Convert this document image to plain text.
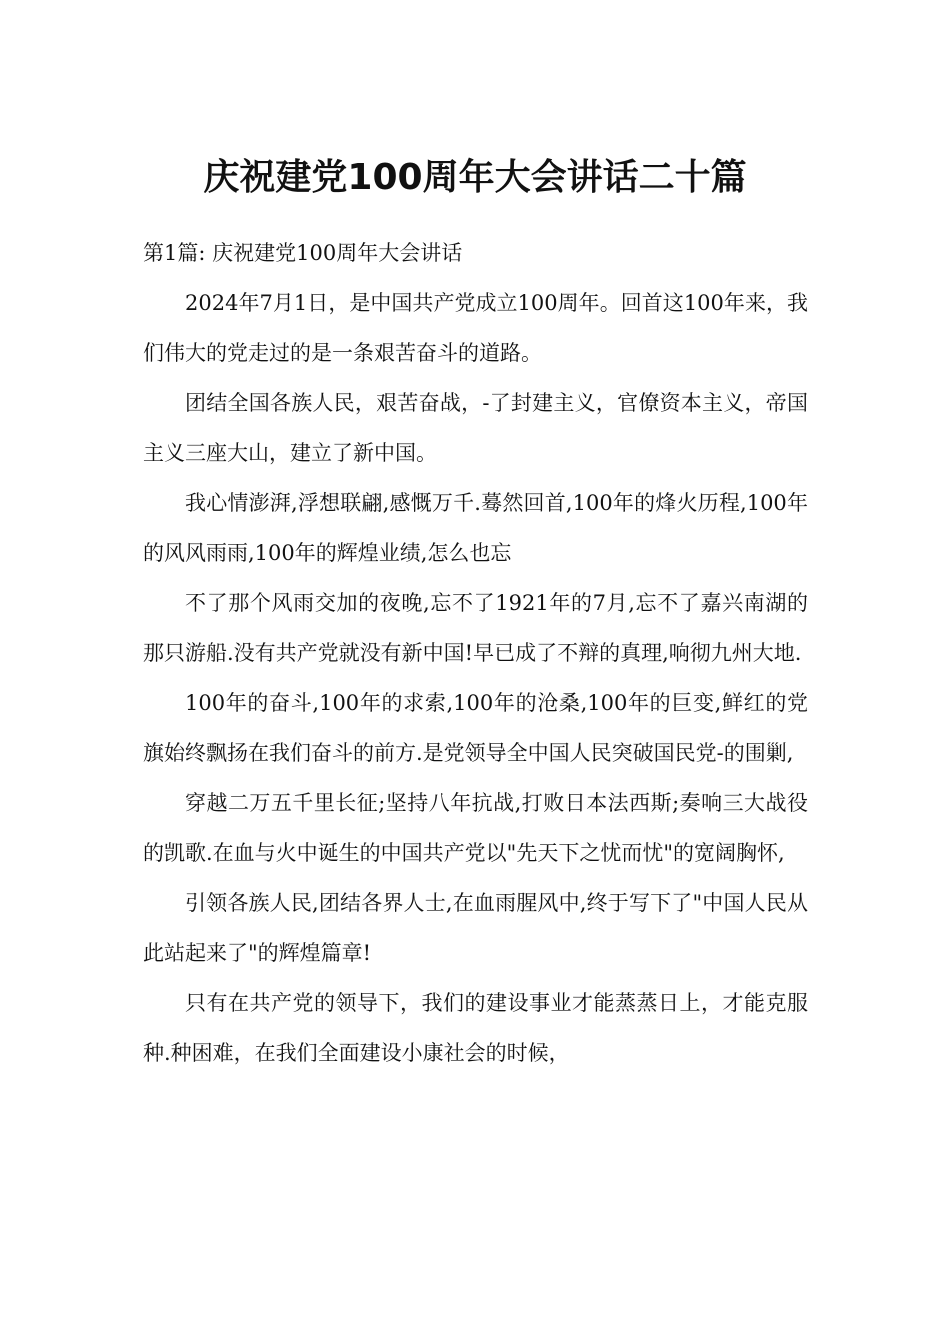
庆祝建党100周年大会讲话二十篇
第1篇: 庆祝建党100周年大会讲话

2024年7月1日，是中国共产党成立100周年。回首这100年来，我们伟大的党走过的是一条艰苦奋斗的道路。

团结全国各族人民，艰苦奋战，-了封建主义，官僚资本主义，帝国主义三座大山，建立了新中国。

我心情澎湃,浮想联翩,感慨万千.蓦然回首,100年的烽火历程,100年的风风雨雨,100年的辉煌业绩,怎么也忘

不了那个风雨交加的夜晚,忘不了1921年的7月,忘不了嘉兴南湖的那只游船.没有共产党就没有新中国!早已成了不辩的真理,响彻九州大地.

100年的奋斗,100年的求索,100年的沧桑,100年的巨变,鲜红的党旗始终飘扬在我们奋斗的前方.是党领导全中国人民突破国民党-的围剿,

穿越二万五千里长征;坚持八年抗战,打败日本法西斯;奏响三大战役的凯歌.在血与火中诞生的中国共产党以"先天下之忧而忧"的宽阔胸怀,

引领各族人民,团结各界人士,在血雨腥风中,终于写下了"中国人民从此站起来了"的辉煌篇章!

只有在共产党的领导下，我们的建设事业才能蒸蒸日上，才能克服种.种困难，在我们全面建设小康社会的时候，
